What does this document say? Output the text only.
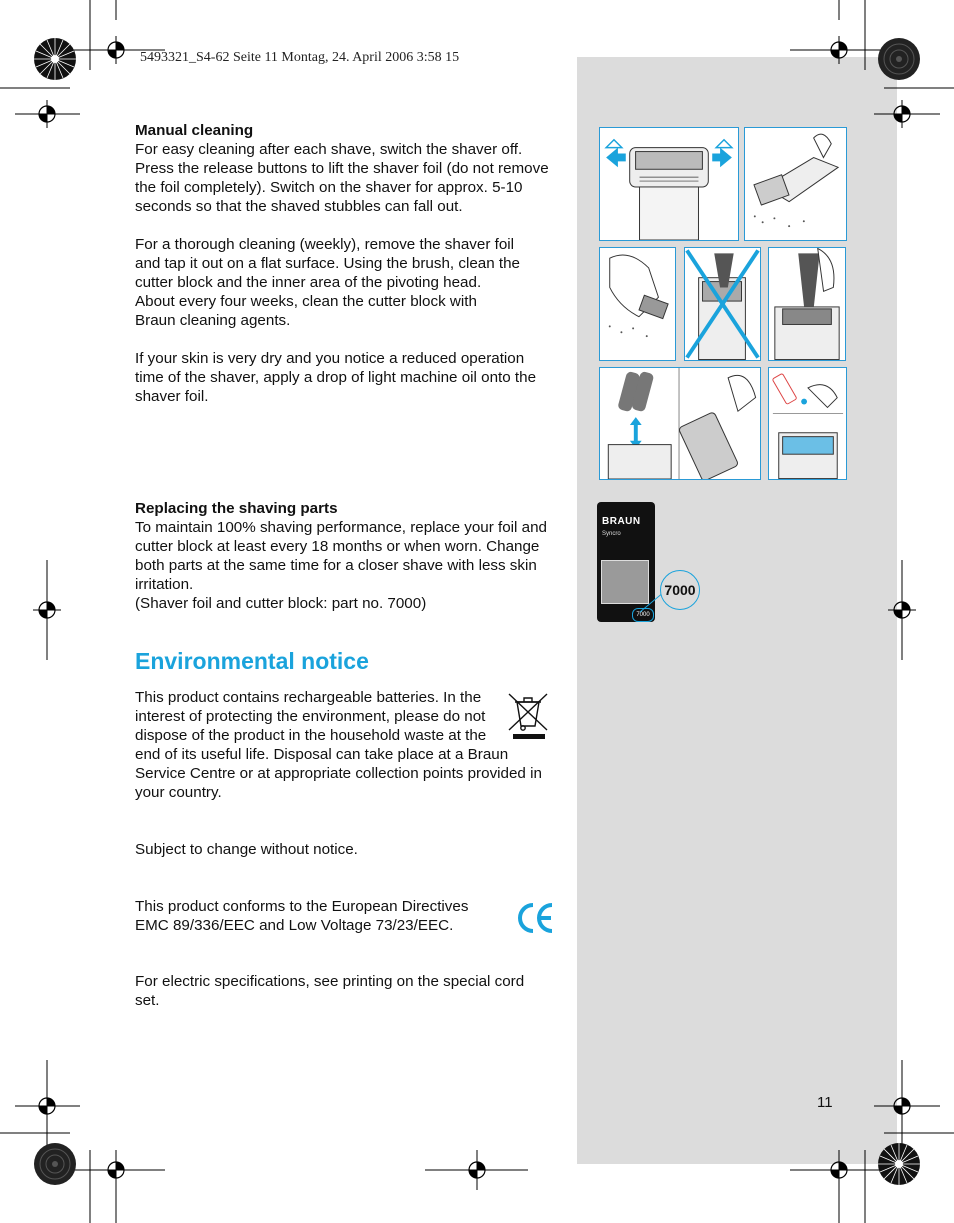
5493321_S4-62 Seite 11 Montag, 24. April 2006 3:58 15

Manual cleaning

For easy cleaning after each shave, switch the shaver off. Press the release buttons to lift the shaver foil (do not remove the foil completely). Switch on the shaver for approx. 5-10 seconds so that the shaved stubbles can fall out.

For a thorough cleaning (weekly), remove the shaver foil and tap it out on a flat surface. Using the brush, clean the cutter block and the inner area of the pivoting head. About every four weeks, clean the cutter block with Braun cleaning agents.

If your skin is very dry and you notice a reduced operation time of the shaver, apply a drop of light machine oil onto the shaver foil.

Replacing the shaving parts

To maintain 100% shaving performance, replace your foil and cutter block at least every 18 months or when worn. Change both parts at the same time for a closer shave with less skin irritation.

(Shaver foil and cutter block: part no. 7000)

Environmental notice

This product contains rechargeable batteries. In the interest of protecting the environment, please do not dispose of the product in the household waste at the end of its useful life. Disposal can take place at a Braun Service Centre or at appropriate collection points provided in your country.

Subject to change without notice.
This product conforms to the European Directives EMC 89/336/EEC and Low Voltage 73/23/EEC.
For electric specifications, see printing on the special cord set.
BRAUN
Syncro
7000
7000
11
